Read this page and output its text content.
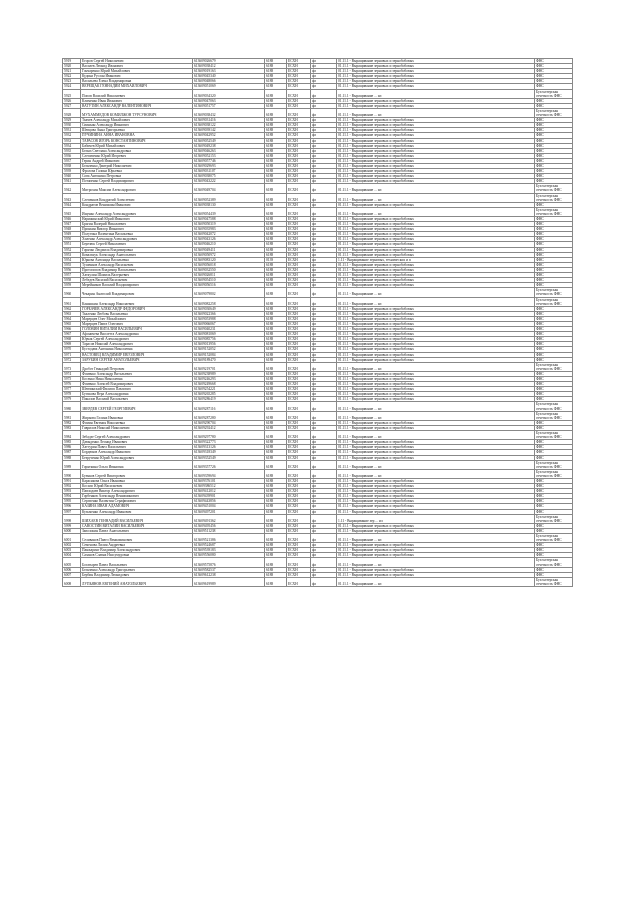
5919	Егоров Сергей Николаевич	613609026679	6188	ЕСХН	фл	01.11.1 - Выращивание зерновых и зернобобовых	ФНС
5920	Василев Леонид Иванович	613609038412	6188	ЕСХН	фл	01.11.1 - Выращивание зерновых и зернобобовых	ФНС
5921	Гончаренко Юрий Михайлович	613609019163	6188	ЕСХН	фл	01.11.1 - Выращивание зерновых и зернобобовых	ФНС
5922	Кудина Руслан Иванович	613609045340	6188	ЕСХН	фл	01.11.1 - Выращивание зерновых и зернобобовых	ФНС
5923	Васильева Елена Владимировна	613609048066	6188	ЕСХН	фл	01.11.1 - Выращивание зерновых и зернобобовых	ФНС
5924	ВЕРЕЩАК ГЕННАДИЙ МИХАЙЛОВИЧ	613609051069	6188	ЕСХН	фл	01.11.1 - Выращивание зерновых и зернобобовых	ФНС
5925	Попов Василий Николаевич	613609034320	6188	ЕСХН	фл	01.11.1 - Выращивание ... ил	Бухгалтерская отчетность ФНС
5926	Клименко Иван Иванович	613609047063	6188	ЕСХН	фл	01.11.1 - Выращивание зерновых и зернобобовых	ФНС
5927	ВАТУТИН АЛЕКСАНДР ВАЛЕНТИНОВИЧ	613609051757	6188	ЕСХН	фл	01.11.1 - Выращивание зерновых и зернобобовых	ФНС
5928	МУХАММЕДОВ КОМИЛЖОН ТУРСУНОВИЧ	613609038432	6188	ЕСХН	фл	01.11.1 - Выращивание ... ил	Бухгалтерская отчетность ФНС
5929	Ткачев Александр Михайлович	613609031416	6188	ЕСХН	фл	01.11.1 - Выращивание зерновых и зернобобовых	ФНС
5930	Свиньин Александр Иванович	613609038122	6188	ЕСХН	фл	01.11.1 - Выращивание зерновых и зернобобовых	ФНС
5931	Шевцова Анна Григорьевна	613609039142	6188	ЕСХН	фл	01.11.1 - Выращивание зерновых и зернобобовых	ФНС
5932	ПУЧИНИНА АННА ИВАНОВНА	613609042952	6188	ЕСХН	фл	01.11.1 - Выращивание зерновых и зернобобовых	ФНС
5933	ТАРАСОВ ИГОРЬ КОНСТАНТИНОВИЧ	613609052549	6188	ЕСХН	фл	01.11.1 - Выращивание зерновых и зернобобовых	ФНС
5934	Бабичев Юрий Михайлович	613609049238	6188	ЕСХН	фл	01.11.1 - Выращивание зерновых и зернобобовых	ФНС
5935	Белых Светлана Александровна	613609046263	6188	ЕСХН	фл	01.11.1 - Выращивание зерновых и зернобобовых	ФНС
5936	Слепиченко Юрий Игоревич	613609052153	6188	ЕСХН	фл	01.11.1 - Выращивание зерновых и зернобобовых	ФНС
5937	Герин Андрей Иванович	613609057746	6188	ЕСХН	фл	01.11.1 - Выращивание зерновых и зернобобовых	ФНС
5938	Бельченко Дмитрий Николаевич	613609029693	6188	ЕСХН	фл	01.11.1 - Выращивание зерновых и зернобобовых	ФНС
5939	Фролова Галина Юрьевна	613609031107	6188	ЕСХН	фл	01.11.1 - Выращивание зерновых и зернобобовых	ФНС
5940	Сова Антонина Петровна	613609038075	6188	ЕСХН	фл	01.11.1 - Выращивание зерновых и зернобобовых	ФНС
5941	Потапенко Сергей Владимирович	613609043222	6188	ЕСХН	фл	01.11.1 - Выращивание зерновых и зернобобовых	ФНС
5942	Митрохин Максим Александрович	613609049704	6188	ЕСХН	фл	01.11.1 - Выращивание ... ил	Бухгалтерская отчетность ФНС
5943	Слепенков Кондратий Алексеевич	613609052389	6188	ЕСХН	фл	01.11.1 - Выращивание ... ил	Бухгалтерская отчетность ФНС
5944	Кондратов Вениамин Иванович	613609038130	6188	ЕСХН	фл	01.11.1 - Выращивание зерновых и зернобобовых	ФНС
5945	Ищенко Александр Александрович	613609054439	6188	ЕСХН	фл	01.11.1 - Выращивание ... ил	Бухгалтерская отчетность ФНС
5946	Нарижинский Юрий Иванович	613609047588	6188	ЕСХН	фл	01.11.1 - Выращивание зерновых и зернобобовых	ФНС
5947	Брагин Валерий Николаевич	613609050319	6188	ЕСХН	фл	01.11.1 - Выращивание зерновых и зернобобовых	ФНС
5948	Пронкин Виктор Иванович	613609035983	6188	ЕСХН	фл	01.11.1 - Выращивание зерновых и зернобобовых	ФНС
5949	Полутина Валентина Васильевна	613609042072	6188	ЕСХН	фл	01.11.1 - Выращивание зерновых и зернобобовых	ФНС
5950	Хиленко Александр Александрович	613609043126	6188	ЕСХН	фл	01.11.1 - Выращивание зерновых и зернобобовых	ФНС
5951	Березюк Сергей Николаевич	613609046210	6188	ЕСХН	фл	01.11.1 - Выращивание зерновых и зернобобовых	ФНС
5952	Горячко Людмила Владимировна	613609049411	6188	ЕСХН	фл	01.11.1 - Выращивание зерновых и зернобобовых	ФНС
5953	Ковальчук Александр Анатольевич	613609050972	6188	ЕСХН	фл	01.11.1 - Выращивание зерновых и зернобобовых	ФНС
5954	Юркова Антонида Васильевна	613609083120	0139	ЕСХН	фл	1.11 - Выращивание зерновых, технических и п	ФНС
5955	Тушенков Александр Васильевич	613609056018	6188	ЕСХН	фл	01.11.1 - Выращивание зерновых и зернобобовых	ФНС
5956	Протопопов Владимир Васильевич	613609032550	6188	ЕСХН	фл	01.11.1 - Выращивание зерновых и зернобобовых	ФНС
5957	Хаткулин Шамиль Валерьевич	613609026811	6188	ЕСХН	фл	01.11.1 - Выращивание зерновых и зернобобовых	ФНС
5958	Лебедев Василий Васильевич	613609054510	6188	ЕСХН	фл	01.11.1 - Выращивание зерновых и зернобобовых	ФНС
5959	Мерейников Василий Владимирович	613609056516	6188	ЕСХН	фл	01.11.1 - Выращивание зерновых и зернобобовых	ФНС
5960	Чекарин Анатолий Владимирович	613609079802	6188	ЕСХН	фл	01.11.1 - Выращивание ... ил	Бухгалтерская отчетность ФНС
5961	Канашкин Александр Николаевич	613609082258	6188	ЕСХН	фл	01.11.1 - Выращивание ... ил	Бухгалтерская отчетность ФНС
5962	ГОРБАЧЕВ АЛЕКСАНДР ФЕДОРОВИЧ	613609030649	6188	ЕСХН	фл	01.11.1 - Выращивание зерновых и зернобобовых	ФНС
5963	Ткаленко Любовь Васильевна	613609022366	6188	ЕСХН	фл	01.11.1 - Выращивание зерновых и зернобобовых	ФНС
5964	Марерцев Олег Михайлович	613609053988	6188	ЕСХН	фл	01.11.1 - Выращивание зерновых и зернобобовых	ФНС
5965	Марерцев Павел Олегович	613609066067	6188	ЕСХН	фл	01.11.1 - Выращивание зерновых и зернобобовых	ФНС
5966	ГОЛОВИН ВИТАЛИЙ ВАСИЛЬЕВИЧ	613609040231	6188	ЕСХН	фл	01.11.1 - Выращивание зерновых и зернобобовых	ФНС
5967	Афоничева Виолетта Александровна	613609081069	6188	ЕСХН	фл	01.11.1 - Выращивание зерновых и зернобобовых	ФНС
5968	Юрчак Сергей Александрович	613609085756	6188	ЕСХН	фл	01.11.1 - Выращивание зерновых и зернобобовых	ФНС
5969	Тарасов Николай Александрович	613609013956	6188	ЕСХН	фл	01.11.1 - Выращивание зерновых и зернобобовых	ФНС
5970	Кустодава Антонина Николаевна	613609152052	6188	ЕСХН	фл	01.11.1 - Выращивание зерновых и зернобобовых	ФНС
5971	ВАСТОВЕЦ ВЛАДИМИР ЕВГОЛОВИЧ	613609152084	6188	ЕСХН	фл	01.11.1 - Выращивание зерновых и зернобобовых	ФНС
5972	ЗАРУБИН СЕРГЕЙ АНАТОЛЬЕВИЧ	613609189470	6188	ЕСХН	фл	01.11.1 - Выращивание зерновых и зернобобовых	ФНС
5973	Дробот Геннадий Петрович	613609219701	6188	ЕСХН	фл	01.11.1 - Выращивание ... ил	Бухгалтерская отчетность ФНС
5974	Фоменко Александр Витальевич	613609238989	6188	ЕСХН	фл	01.11.1 - Выращивание зерновых и зернобобовых	ФНС
5975	Косенко Нина Николаевна	613609246293	6188	ЕСХН	фл	01.11.1 - Выращивание зерновых и зернобобовых	ФНС
5976	Фоменко Алексей Владимирович	613609249668	6188	ЕСХН	фл	01.11.1 - Выращивание зерновых и зернобобовых	ФНС
5977	Шевчинский Филипп Павлович	613609254221	6188	ЕСХН	фл	01.11.1 - Выращивание зерновых и зернобобовых	ФНС
5978	Бутикова Вера Александровна	613609265285	6188	ЕСХН	фл	01.11.1 - Выращивание зерновых и зернобобовых	ФНС
5979	Пикалов Василий Васильевич	613609286419	6188	ЕСХН	фл	01.11.1 - Выращивание зерновых и зернобобовых	ФНС
5980	ЗВЕРДЕВ СЕРГЕЙ ГЕОРГИЕВИЧ	613609287116	6188	ЕСХН	фл	01.11.1 - Выращивание ... ил	Бухгалтерская отчетность ФНС
5981	Жиркова Галина Ивановна	613609287280	6188	ЕСХН	фл	01.11.1 - Выращивание ... ил	Бухгалтерская отчетность ФНС
5982	Фомин Евгения Николаевна	613609290704	6188	ЕСХН	фл	01.11.1 - Выращивание зерновых и зернобобовых	ФНС
5983	Гаврилов Николай Николаевич	613609292412	6188	ЕСХН	фл	01.11.1 - Выращивание зерновых и зернобобовых	ФНС
5984	Зебадзе Сергей Александрович	613609297780	6188	ЕСХН	фл	01.11.1 - Выращивание ... ил	Бухгалтерская отчетность ФНС
5985	Давыденко Леонид Иванович	613609322773	6188	ЕСХН	фл	01.11.1 - Выращивание зерновых и зернобобовых	ФНС
5986	Хаттурин Павел Васильевич	613609313126	6188	ЕСХН	фл	01.11.1 - Выращивание зерновых и зернобобовых	ФНС
5987	Бордюков Александр Иванович	613609318349	6188	ЕСХН	фл	01.11.1 - Выращивание зерновых и зернобобовых	ФНС
5988	Безрученко Юрий Александрович	613609352549	6188	ЕСХН	фл	01.11.1 - Выращивание зерновых и зернобобовых	ФНС
5989	Горяткина Ольга Ивановна	613609357726	6188	ЕСХН	фл	01.11.1 - Выращивание ... ил	Бухгалтерская отчетность ФНС
5990	Буенков Сергей Викторович	613609359694	6188	ЕСХН	фл	01.11.1 - Выращивание ... ил	Бухгалтерская отчетность ФНС
5991	Карасякова Ольга Ивановна	613609376101	6188	ЕСХН	фл	01.11.1 - Выращивание зерновых и зернобобовых	ФНС
5992	Косило Юрий Васильевич	613609386512	6188	ЕСХН	фл	01.11.1 - Выращивание зерновых и зернобобовых	ФНС
5993	Павлодаев Виктор Александрович	613609412012	6188	ЕСХН	фл	01.11.1 - Выращивание зерновых и зернобобовых	ФНС
5994	Горбенков Александр Вениаминович	613609439901	6188	ЕСХН	фл	01.11.1 - Выращивание зерновых и зернобобовых	ФНС
5995	Сергиенко Валентин Серафимович	613609443856	6188	ЕСХН	фл	01.11.1 - Выращивание зерновых и зернобобовых	ФНС
5996	КАЗИНА ИВАН АДАМОВИЧ	613609451004	6188	ЕСХН	фл	01.11.1 - Выращивание зерновых и зернобобовых	ФНС
5997	Кузьменко Александр Иванович	613609497201	6188	ЕСХН	фл	01.11.1 - Выращивание зерновых и зернобобовых	ФНС
5998	ШИХАЕВ ГЕННАДИЙ ВАСИЛЬЕВИЧ	613609491362	6188	ЕСХН	фл	1.11 - Выращивание зер ... ил	Бухгалтерская отчетность ФНС
5999	САВОСТИН ВИТАЛИЙ ВАСИЛЬЕВИЧ	613609495456	6188	ЕСХН	фл	01.11.1 - Выращивание зерновых и зернобобовых	ФНС
6000	Заволокин Павел Анатольевич	613609511238	6188	ЕСХН	фл	01.11.1 - Выращивание зерновых и зернобобовых	ФНС
6001	Селиванов Павел Вениаминович	613609521386	6188	ЕСХН	фл	01.11.1 - Выращивание ... ил	Бухгалтерская отчетность ФНС
6002	Семенова Лилия Андреевна	613609524687	6188	ЕСХН	фл	01.11.1 - Выращивание зерновых и зернобобовых	ФНС
6003	Панжаринг Владимир Александрович	613609539183	6188	ЕСХН	фл	01.11.1 - Выращивание зерновых и зернобобовых	ФНС
6004	Сазанов Славна Нахсумудовна	613609556080	6188	ЕСХН	фл	01.11.1 - Выращивание зерновых и зернобобовых	ФНС
6005	Богатырев Павел Васильевич	613609575876	6188	ЕСХН	фл	01.11.1 - Выращивание ... ил	Бухгалтерская отчетность ФНС
6006	Бельченко Александр Григорьевич	613609582537	6188	ЕСХН	фл	01.11.1 - Выращивание зерновых и зернобобовых	ФНС
6007	Бербин Владимир Леонидович	613609612238	6188	ЕСХН	фл	01.11.1 - Выращивание зерновых и зернобобовых	ФНС
6008	ЛУПЬЯНОВ ЕВГЕНИЙ АНАТОЛЬЕВИЧ	613609619989	6188	ЕСХН	фл	01.11.1 - Выращивание ... ил	Бухгалтерская отчетность ФНС
